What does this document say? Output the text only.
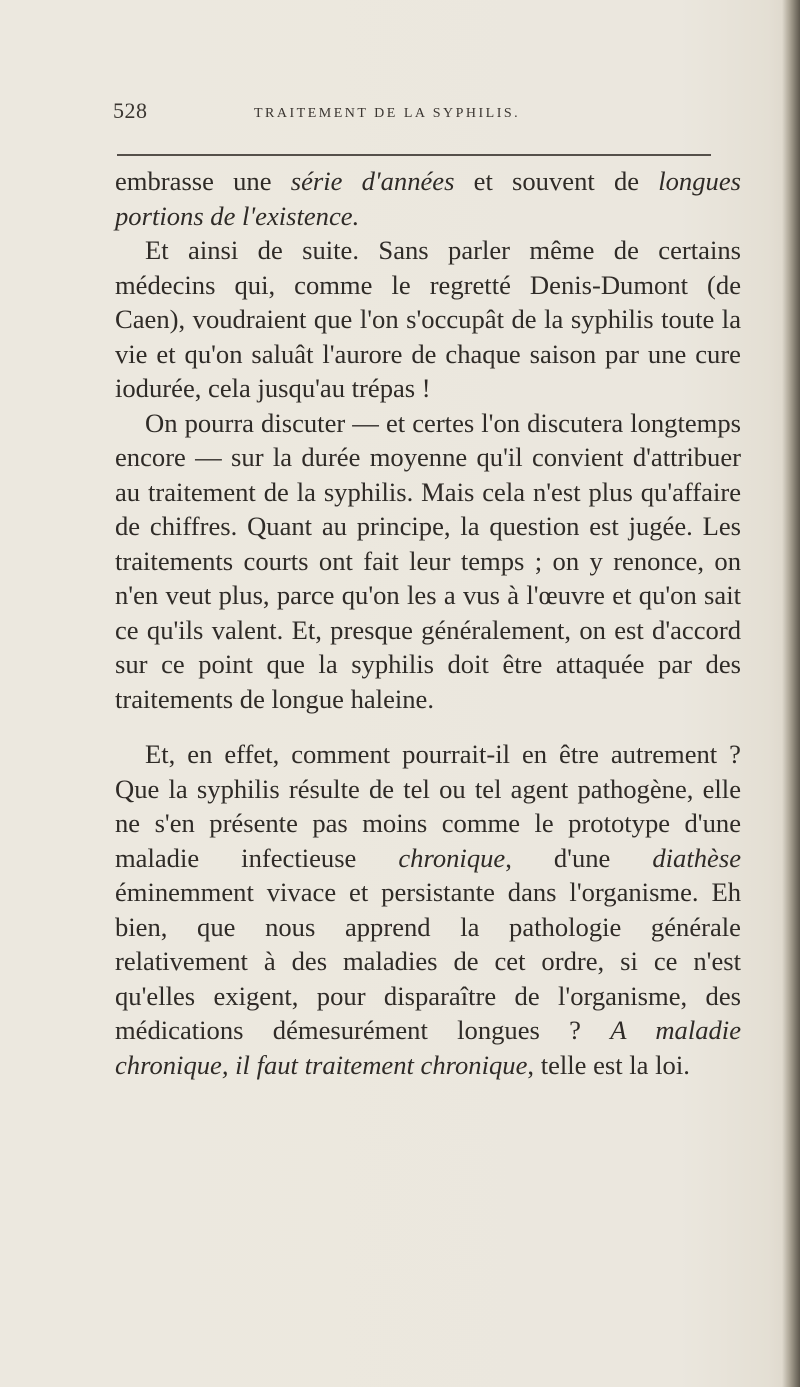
528	TRAITEMENT DE LA SYPHILIS.

embrasse une série d'années et souvent de longues portions de l'existence.

Et ainsi de suite. Sans parler même de certains médecins qui, comme le regretté Denis-Dumont (de Caen), voudraient que l'on s'occupât de la syphilis toute la vie et qu'on saluât l'aurore de chaque saison par une cure iodurée, cela jusqu'au trépas !

On pourra discuter — et certes l'on discutera longtemps encore — sur la durée moyenne qu'il convient d'attribuer au traitement de la syphilis. Mais cela n'est plus qu'affaire de chiffres. Quant au principe, la question est jugée. Les traitements courts ont fait leur temps ; on y renonce, on n'en veut plus, parce qu'on les a vus à l'œuvre et qu'on sait ce qu'ils valent. Et, presque généralement, on est d'accord sur ce point que la syphilis doit être attaquée par des traitements de longue haleine.

Et, en effet, comment pourrait-il en être autrement ? Que la syphilis résulte de tel ou tel agent pathogène, elle ne s'en présente pas moins comme le prototype d'une maladie infectieuse chronique, d'une diathèse éminemment vivace et persistante dans l'organisme. Eh bien, que nous apprend la pathologie générale relativement à des maladies de cet ordre, si ce n'est qu'elles exigent, pour disparaître de l'organisme, des médications démesurément longues ? A maladie chronique, il faut traitement chronique, telle est la loi.
